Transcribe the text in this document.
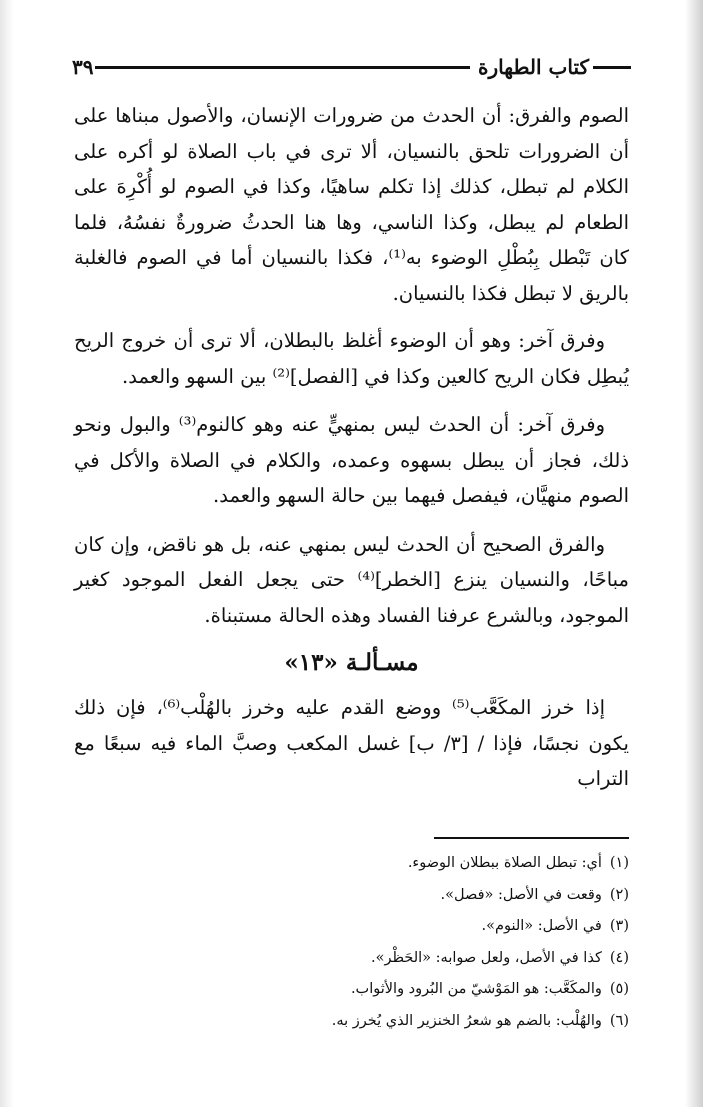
كتاب الطهارة
٣٩

الصوم والفرق: أن الحدث من ضرورات الإنسان، والأصول مبناها على أن الضرورات تلحق بالنسيان، ألا ترى في باب الصلاة لو أكره على الكلام لم تبطل، كذلك إذا تكلم ساهيًا، وكذا في الصوم لو أُكْرِهَ على الطعام لم يبطل، وكذا الناسي، وها هنا الحدثُ ضرورةٌ نفسُهُ، فلما كان تَبْطل بِبُطْلِ الوضوء به⁽¹⁾، فكذا بالنسيان أما في الصوم فالغلبة بالريق لا تبطل فكذا بالنسيان.

وفرق آخر: وهو أن الوضوء أغلظ بالبطلان، ألا ترى أن خروج الريح يُبطِل فكان الريح كالعين وكذا في [الفصل]⁽²⁾ بين السهو والعمد.

وفرق آخر: أن الحدث ليس بمنهيٍّ عنه وهو كالنوم⁽³⁾ والبول ونحو ذلك، فجاز أن يبطل بسهوه وعمده، والكلام في الصلاة والأكل في الصوم منهيَّان، فيفصل فيهما بين حالة السهو والعمد.

والفرق الصحيح أن الحدث ليس بمنهي عنه، بل هو ناقض، وإن كان مباحًا، والنسيان ينزع [الخطر]⁽⁴⁾ حتى يجعل الفعل الموجود كغير الموجود، وبالشرع عرفنا الفساد وهذه الحالة مستبناة.

مسـألـة «١٣»

إذا خرز المكَعَّب⁽⁵⁾ ووضع القدم عليه وخرز بالهُلْب⁽⁶⁾، فإن ذلك يكون نجسًا، فإذا / [٣/ ب] غسل المكعب وصبَّ الماء فيه سبعًا مع التراب

(١)
أي: تبطل الصلاة ببطلان الوضوء.
(٢)
وقعت في الأصل: «فصل».
(٣)
في الأصل: «النوم».
(٤)
كذا في الأصل، ولعل صوابه: «الحَظْر».
(٥)
والمكَعَّب: هو المَوْشيّ من البُرود والأثواب.
(٦)
والهُلْب: بالضم هو شعرُ الخنزير الذي يُخرز به.
